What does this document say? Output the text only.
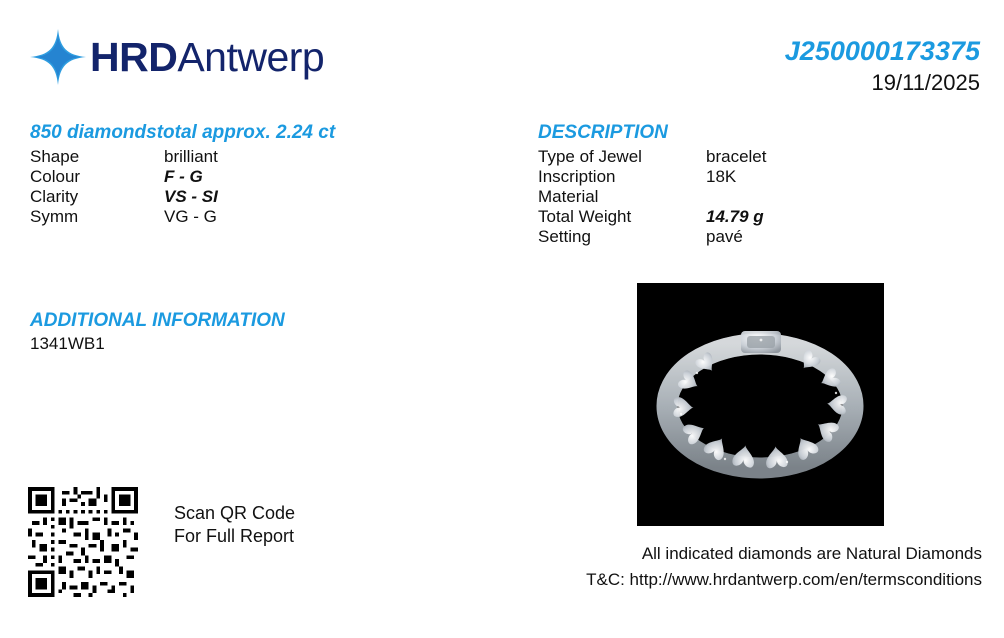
HRDAntwerp	J250000173375
19/11/2025
850 diamondstotal approx. 2.24 ct
Shape	brilliant
Colour	F - G
Clarity	VS - SI
Symm	VG - G
ADDITIONAL INFORMATION
1341WB1
DESCRIPTION
Type of Jewel	bracelet
Inscription	18K
Material
Total Weight	14.79 g
Setting	pavé
All indicated diamonds are Natural Diamonds
T&C: http://www.hrdantwerp.com/en/termsconditions
Scan QR Code
For Full Report
